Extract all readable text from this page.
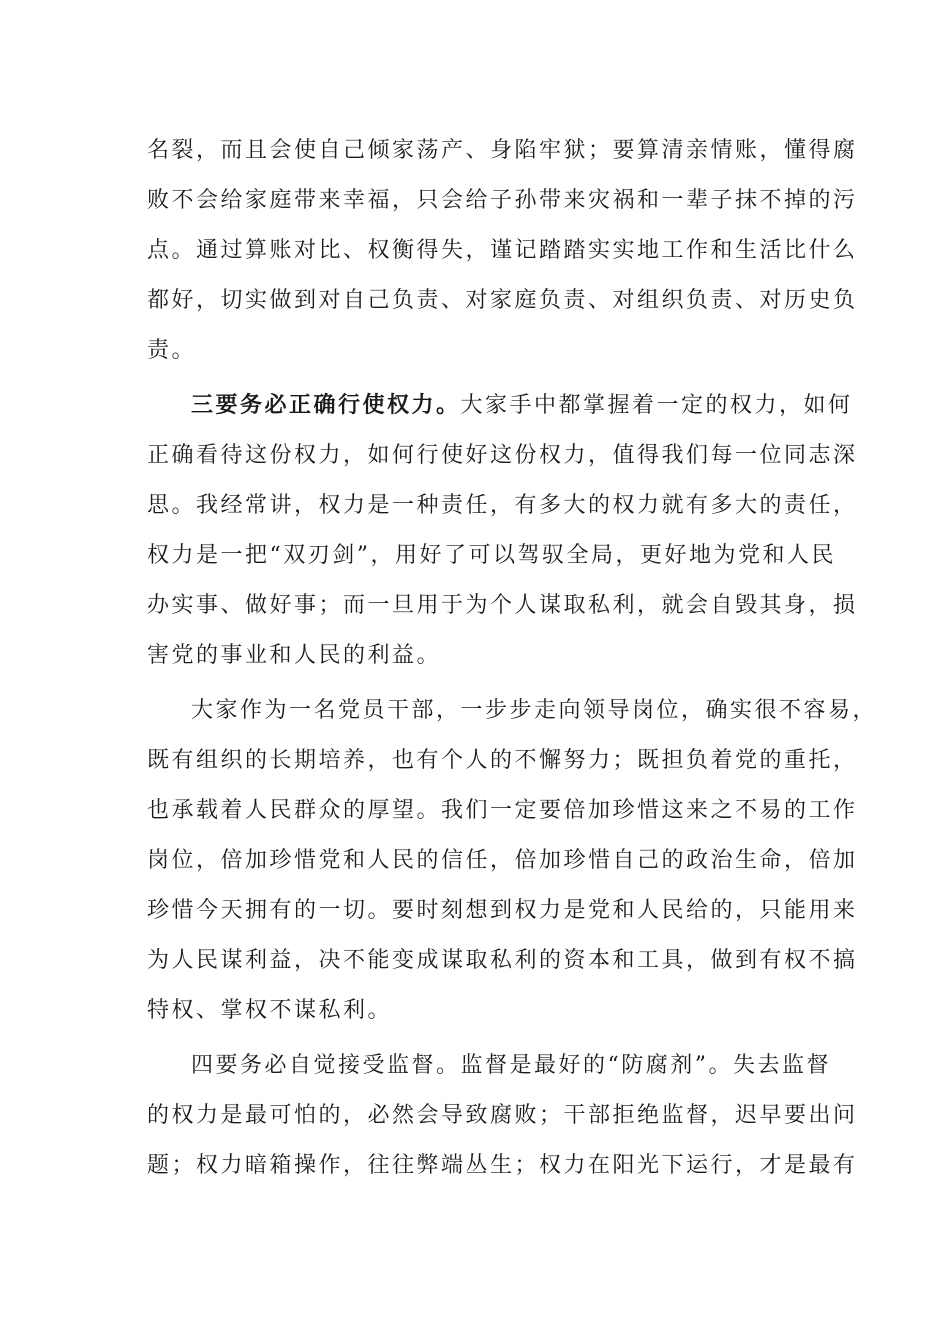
名裂，而且会使自己倾家荡产、身陷牢狱；要算清亲情账，懂得腐
败不会给家庭带来幸福，只会给子孙带来灾祸和一辈子抹不掉的污
点。通过算账对比、权衡得失，谨记踏踏实实地工作和生活比什么
都好，切实做到对自己负责、对家庭负责、对组织负责、对历史负
责。
三要务必正确行使权力。大家手中都掌握着一定的权力，如何
正确看待这份权力，如何行使好这份权力，值得我们每一位同志深
思。我经常讲，权力是一种责任，有多大的权力就有多大的责任，
权力是一把“双刃剑”，用好了可以驾驭全局，更好地为党和人民
办实事、做好事；而一旦用于为个人谋取私利，就会自毁其身，损
害党的事业和人民的利益。
大家作为一名党员干部，一步步走向领导岗位，确实很不容易，
既有组织的长期培养，也有个人的不懈努力；既担负着党的重托，
也承载着人民群众的厚望。我们一定要倍加珍惜这来之不易的工作
岗位，倍加珍惜党和人民的信任，倍加珍惜自己的政治生命，倍加
珍惜今天拥有的一切。要时刻想到权力是党和人民给的，只能用来
为人民谋利益，决不能变成谋取私利的资本和工具，做到有权不搞
特权、掌权不谋私利。
四要务必自觉接受监督。监督是最好的“防腐剂”。失去监督
的权力是最可怕的，必然会导致腐败；干部拒绝监督，迟早要出问
题；权力暗箱操作，往往弊端丛生；权力在阳光下运行，才是最有
